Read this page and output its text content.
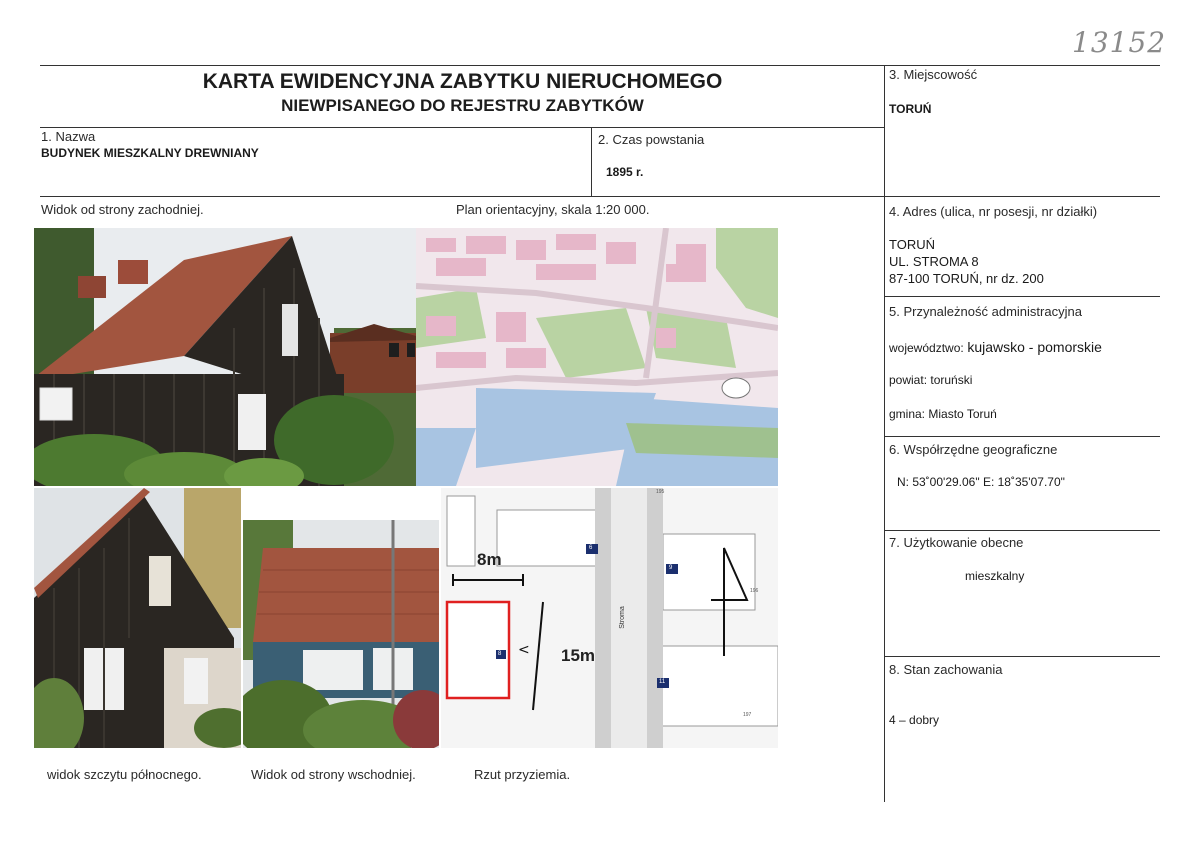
13152
KARTA EWIDENCYJNA ZABYTKU NIERUCHOMEGO
NIEWPISANEGO DO REJESTRU ZABYTKÓW
1. Nazwa
BUDYNEK MIESZKALNY DREWNIANY
2. Czas powstania
1895 r.
3. Miejscowość
TORUŃ
4. Adres (ulica, nr posesji, nr działki)
TORUŃ
UL. STROMA 8
87-100 TORUŃ, nr dz. 200
5. Przynależność administracyjna
województwo: kujawsko - pomorskie
powiat: toruński
gmina: Miasto Toruń
6. Współrzędne geograficzne
N: 53˚00'29.06" E: 18˚35'07.70"
7. Użytkowanie obecne
mieszkalny
8. Stan zachowania
4 – dobry
Widok od strony zachodniej.	Plan orientacyjny, skala 1:20 000.
widok szczytu północnego.	Widok od strony wschodniej.	Rzut przyziemia.
<
8m
15m
Stroma
6
9
8
11
196
197
195
